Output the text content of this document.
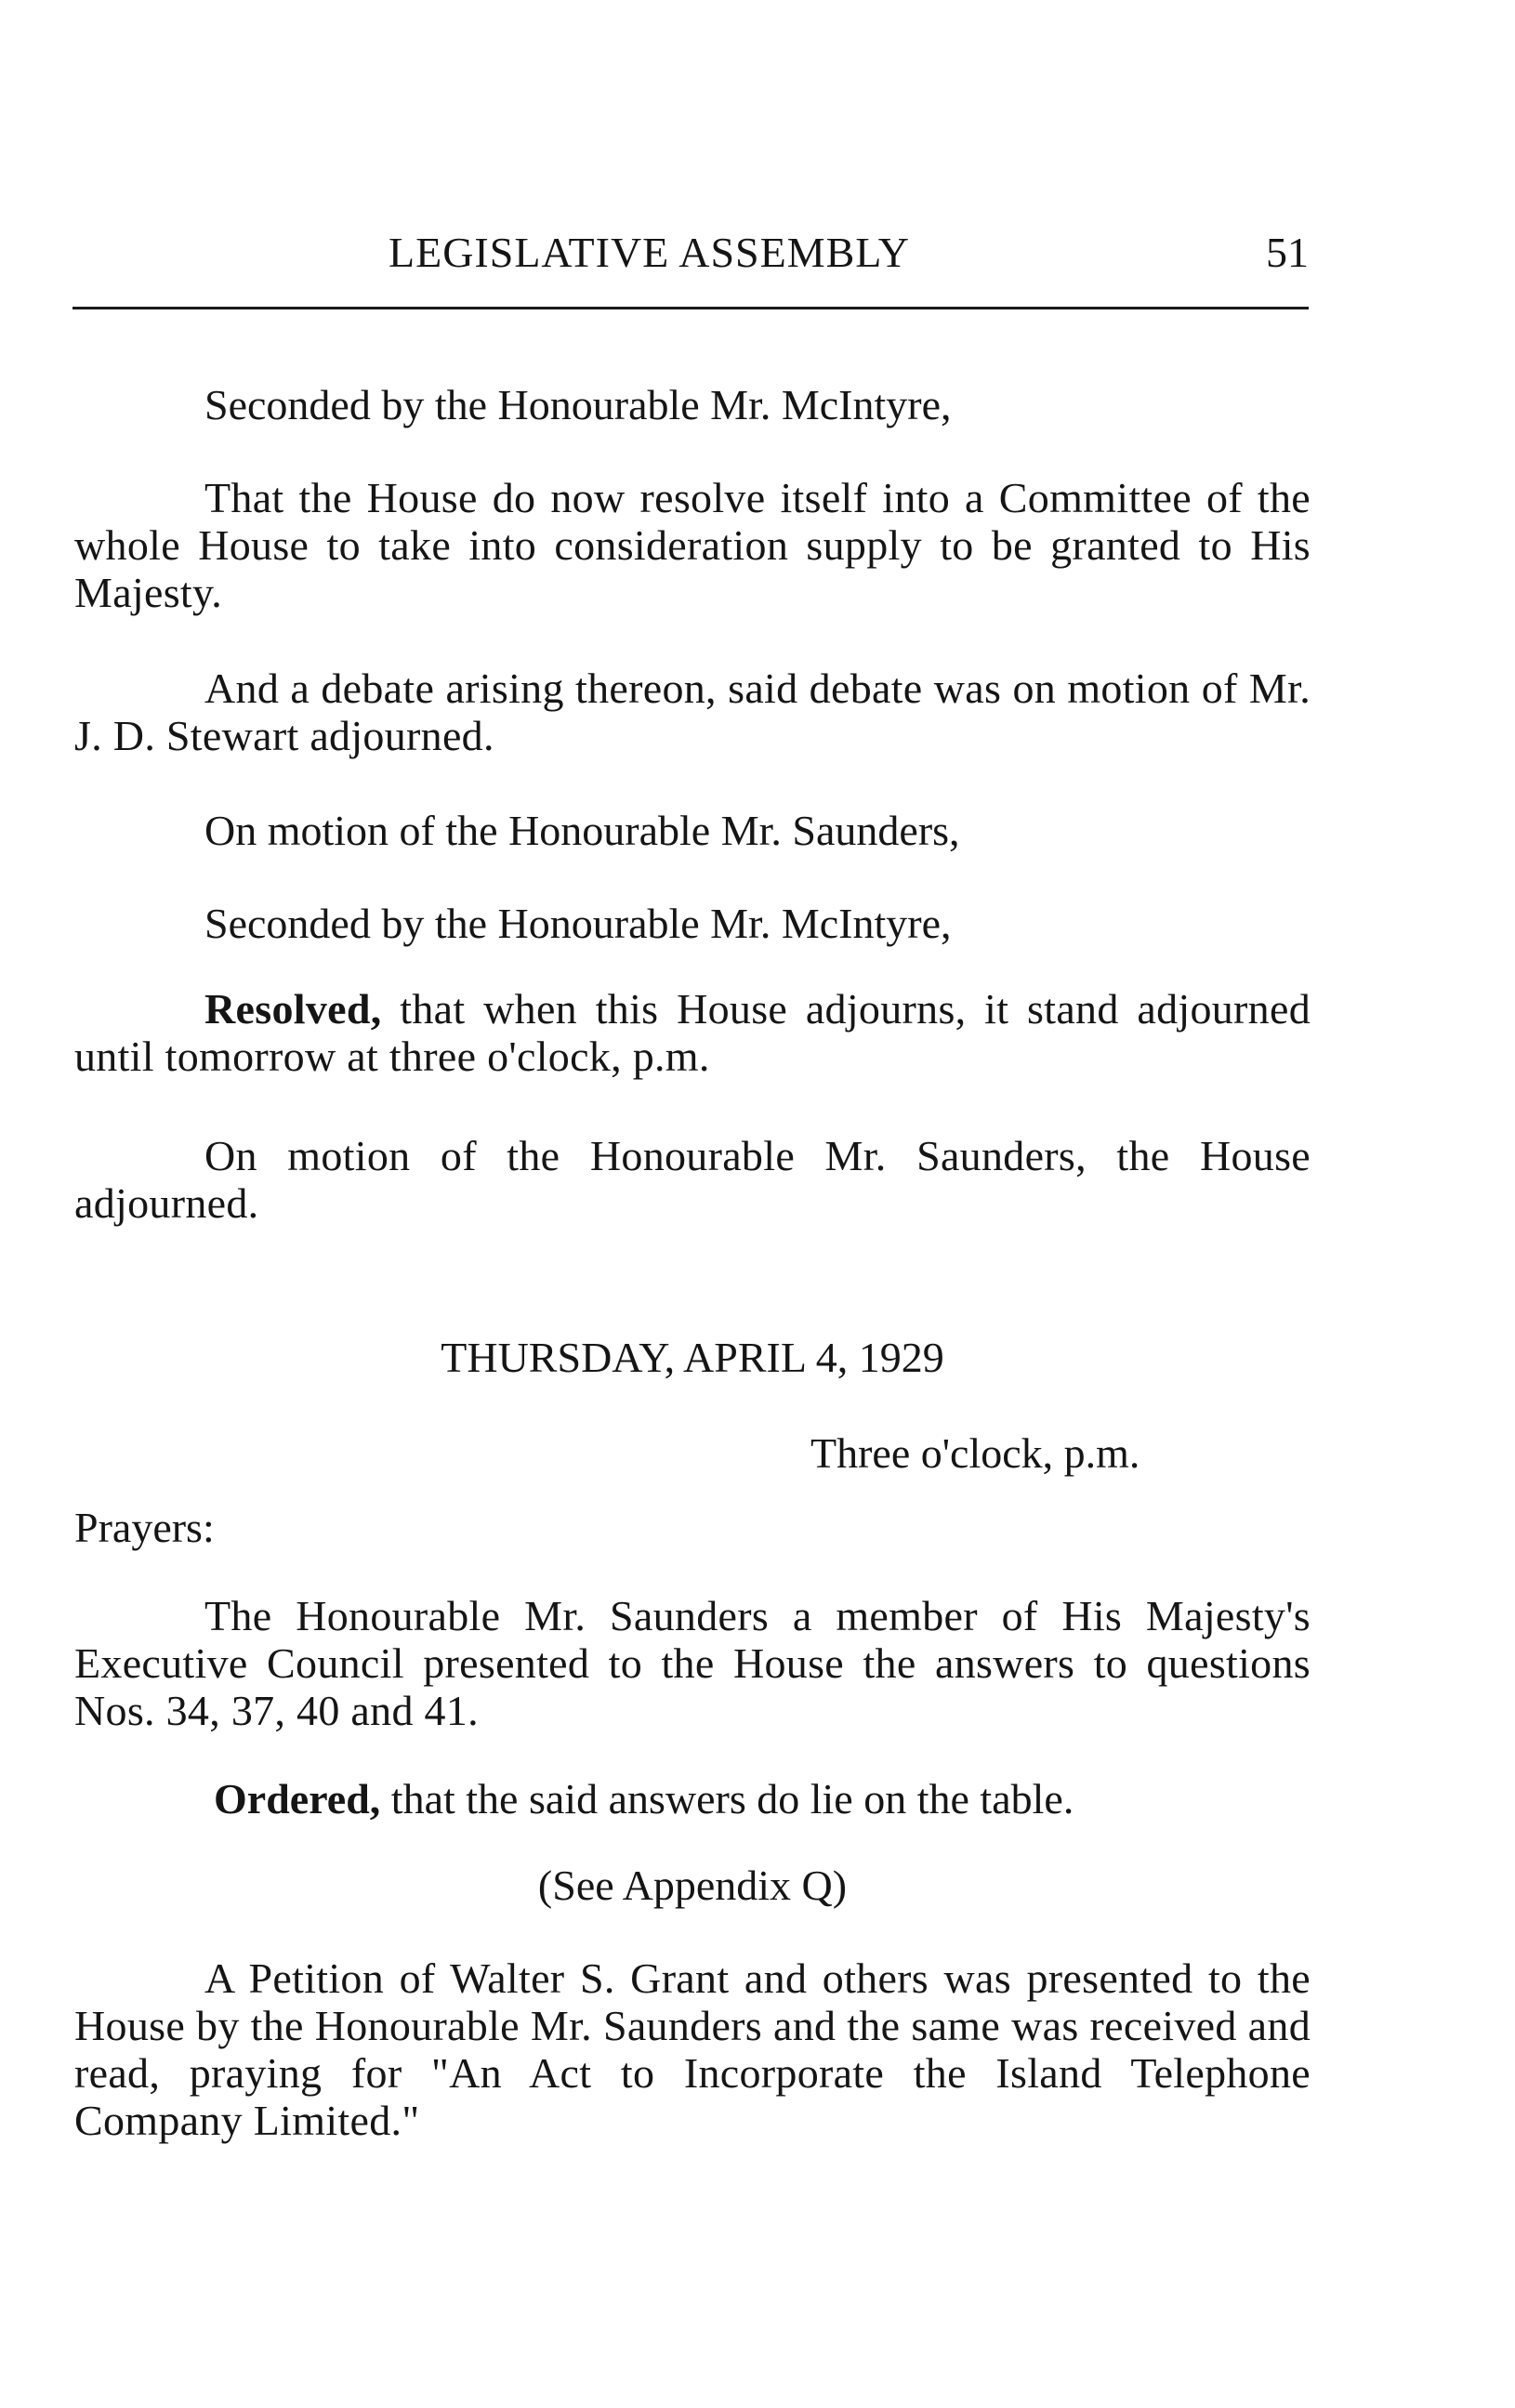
LEGISLATIVE ASSEMBLY	51
Seconded by the Honourable Mr. McIntyre,
That the House do now resolve itself into a Committee of the whole House to take into consideration supply to be granted to His Majesty.
And a debate arising thereon, said debate was on motion of Mr. J. D. Stewart adjourned.
On motion of the Honourable Mr. Saunders,
Seconded by the Honourable Mr. McIntyre,
Resolved, that when this House adjourns, it stand adjourned until tomorrow at three o'clock, p.m.
On motion of the Honourable Mr. Saunders, the House adjourned.
THURSDAY, APRIL 4, 1929
Three o'clock, p.m.
Prayers:
The Honourable Mr. Saunders a member of His Majesty's Executive Council presented to the House the answers to questions Nos. 34, 37, 40 and 41.
Ordered, that the said answers do lie on the table.
(See Appendix Q)
A Petition of Walter S. Grant and others was presented to the House by the Honourable Mr. Saunders and the same was received and read, praying for "An Act to Incorporate the Island Telephone Company Limited."
